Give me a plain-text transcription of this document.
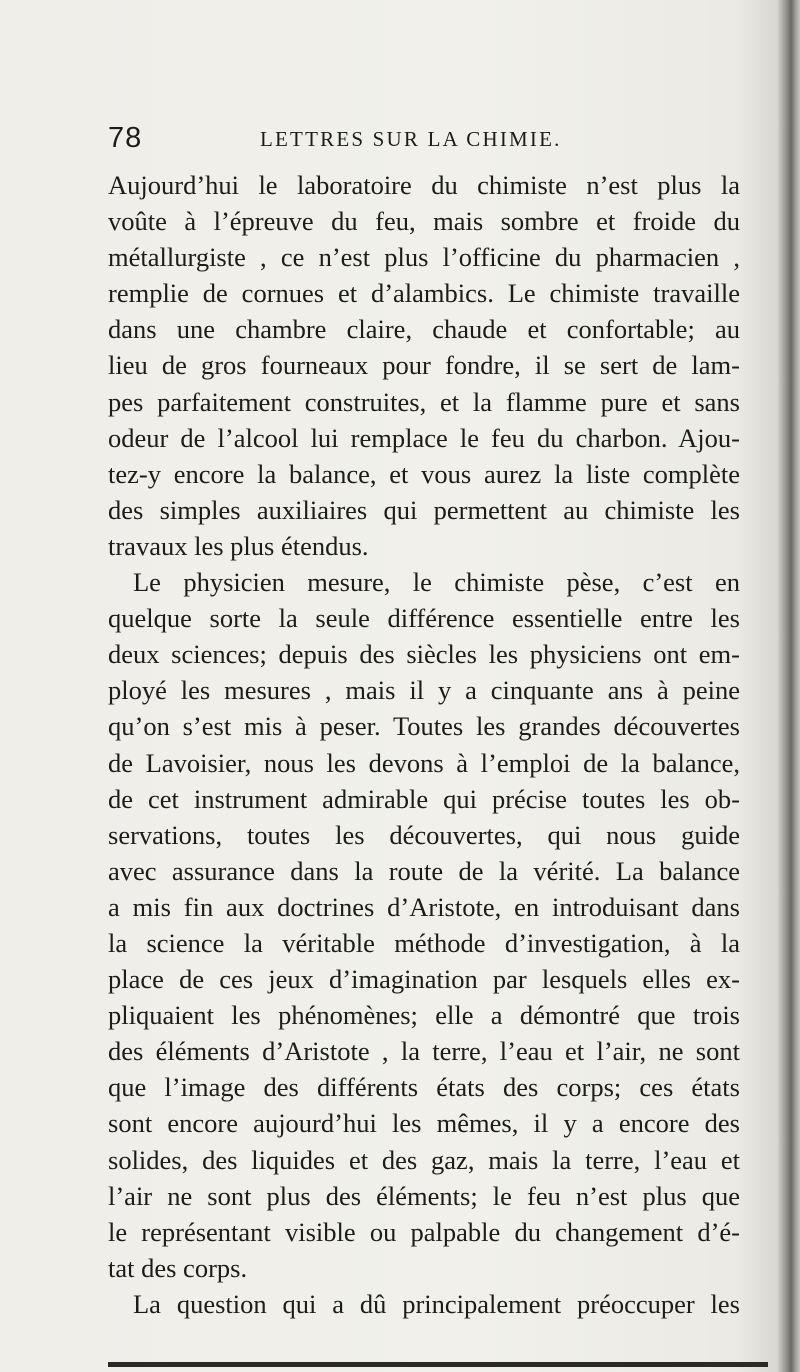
78	LETTRES SUR LA CHIMIE.
Aujourd’hui le laboratoire du chimiste n’est plus la
voûte à l’épreuve du feu, mais sombre et froide du
métallurgiste , ce n’est plus l’officine du pharmacien ,
remplie de cornues et d’alambics. Le chimiste travaille
dans une chambre claire, chaude et confortable; au
lieu de gros fourneaux pour fondre, il se sert de lam-
pes parfaitement construites, et la flamme pure et sans
odeur de l’alcool lui remplace le feu du charbon. Ajou-
tez-y encore la balance, et vous aurez la liste complète
des simples auxiliaires qui permettent au chimiste les
travaux les plus étendus.
Le physicien mesure, le chimiste pèse, c’est en
quelque sorte la seule différence essentielle entre les
deux sciences; depuis des siècles les physiciens ont em-
ployé les mesures , mais il y a cinquante ans à peine
qu’on s’est mis à peser. Toutes les grandes découvertes
de Lavoisier, nous les devons à l’emploi de la balance,
de cet instrument admirable qui précise toutes les ob-
servations, toutes les découvertes, qui nous guide
avec assurance dans la route de la vérité. La balance
a mis fin aux doctrines d’Aristote, en introduisant dans
la science la véritable méthode d’investigation, à la
place de ces jeux d’imagination par lesquels elles ex-
pliquaient les phénomènes; elle a démontré que trois
des éléments d’Aristote , la terre, l’eau et l’air, ne sont
que l’image des différents états des corps; ces états
sont encore aujourd’hui les mêmes, il y a encore des
solides, des liquides et des gaz, mais la terre, l’eau et
l’air ne sont plus des éléments; le feu n’est plus que
le représentant visible ou palpable du changement d’é-
tat des corps.
La question qui a dû principalement préoccuper les
